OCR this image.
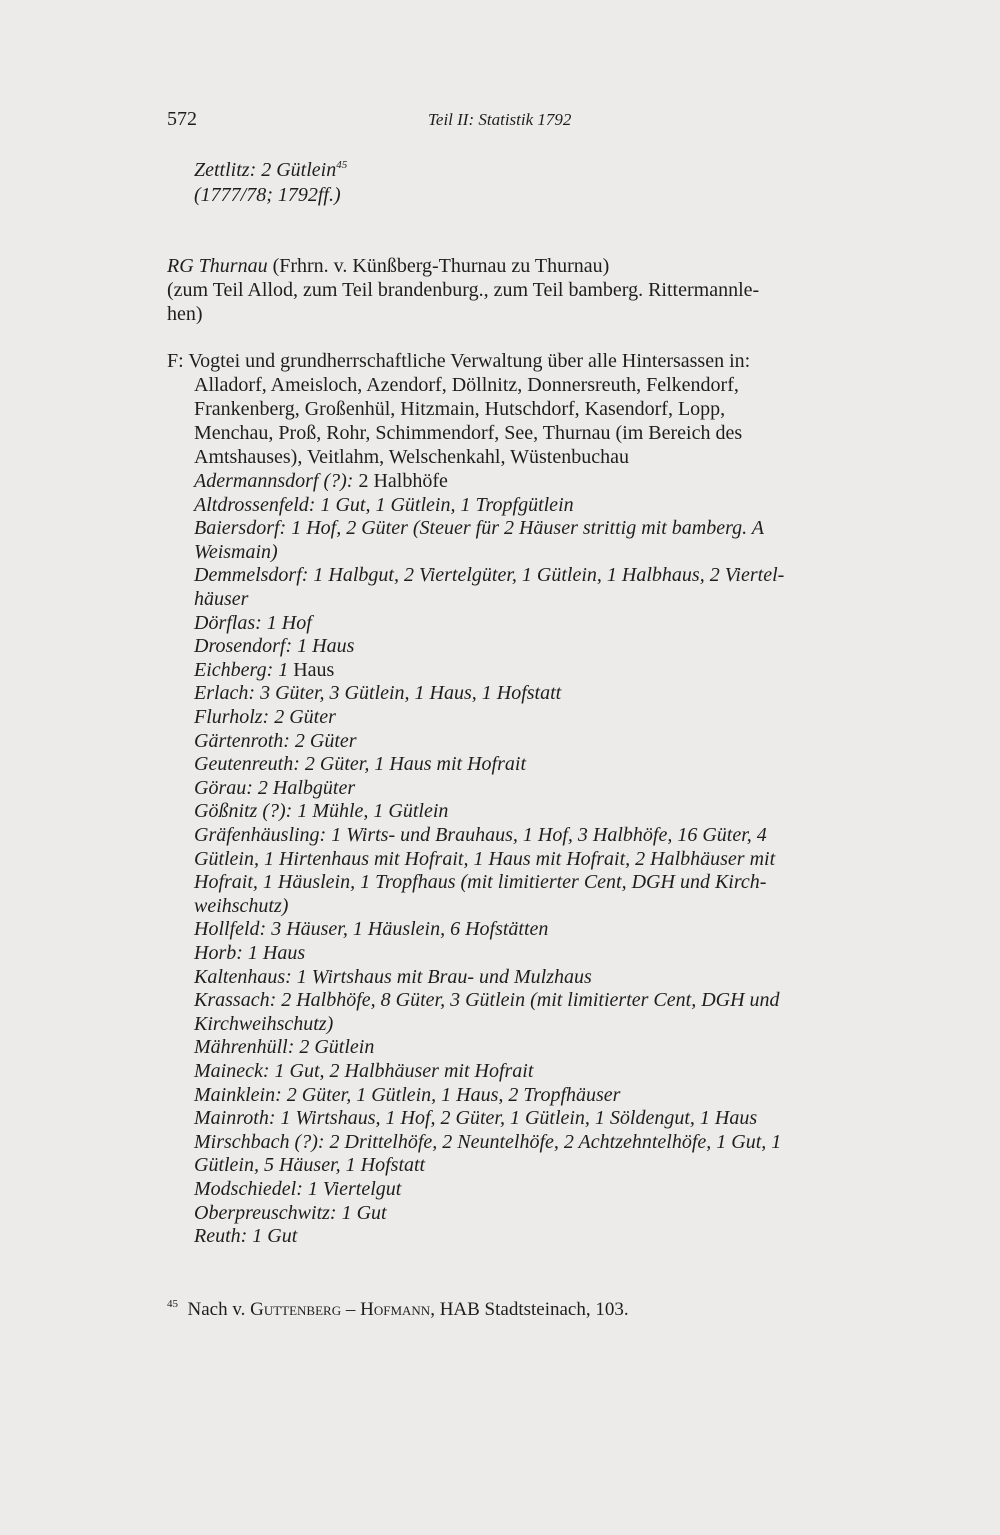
572	Teil II: Statistik 1792
Zettlitz: 2 Gütlein$^{45}$
(1777/78; 1792ff.)
RG Thurnau (Frhrn. v. Künßberg-Thurnau zu Thurnau)
(zum Teil Allod, zum Teil brandenburg., zum Teil bamberg. Rittermannle-
hen)
F: Vogtei und grundherrschaftliche Verwaltung über alle Hintersassen in:
Alladorf, Ameisloch, Azendorf, Döllnitz, Donnersreuth, Felkendorf,
Frankenberg, Großenhül, Hitzmain, Hutschdorf, Kasendorf, Lopp,
Menchau, Proß, Rohr, Schimmendorf, See, Thurnau (im Bereich des
Amtshauses), Veitlahm, Welschenkahl, Wüstenbuchau
Adermannsdorf (?): 2 Halbhöfe
Altdrossenfeld: 1 Gut, 1 Gütlein, 1 Tropfgütlein
Baiersdorf: 1 Hof, 2 Güter (Steuer für 2 Häuser strittig mit bamberg. A
Weismain)
Demmelsdorf: 1 Halbgut, 2 Viertelgüter, 1 Gütlein, 1 Halbhaus, 2 Viertel-
häuser
Dörflas: 1 Hof
Drosendorf: 1 Haus
Eichberg: 1 Haus
Erlach: 3 Güter, 3 Gütlein, 1 Haus, 1 Hofstatt
Flurholz: 2 Güter
Gärtenroth: 2 Güter
Geutenreuth: 2 Güter, 1 Haus mit Hofrait
Görau: 2 Halbgüter
Gößnitz (?): 1 Mühle, 1 Gütlein
Gräfenhäusling: 1 Wirts- und Brauhaus, 1 Hof, 3 Halbhöfe, 16 Güter, 4
Gütlein, 1 Hirtenhaus mit Hofrait, 1 Haus mit Hofrait, 2 Halbhäuser mit
Hofrait, 1 Häuslein, 1 Tropfhaus (mit limitierter Cent, DGH und Kirch-
weihschutz)
Hollfeld: 3 Häuser, 1 Häuslein, 6 Hofstätten
Horb: 1 Haus
Kaltenhaus: 1 Wirtshaus mit Brau- und Mulzhaus
Krassach: 2 Halbhöfe, 8 Güter, 3 Gütlein (mit limitierter Cent, DGH und
Kirchweihschutz)
Mährenhüll: 2 Gütlein
Maineck: 1 Gut, 2 Halbhäuser mit Hofrait
Mainklein: 2 Güter, 1 Gütlein, 1 Haus, 2 Tropfhäuser
Mainroth: 1 Wirtshaus, 1 Hof, 2 Güter, 1 Gütlein, 1 Söldengut, 1 Haus
Mirschbach (?): 2 Drittelhöfe, 2 Neuntelhöfe, 2 Achtzehntelhöfe, 1 Gut, 1
Gütlein, 5 Häuser, 1 Hofstatt
Modschiedel: 1 Viertelgut
Oberpreuschwitz: 1 Gut
Reuth: 1 Gut
$^{45}$ Nach v. Guttenberg – Hofmann, HAB Stadtsteinach, 103.
